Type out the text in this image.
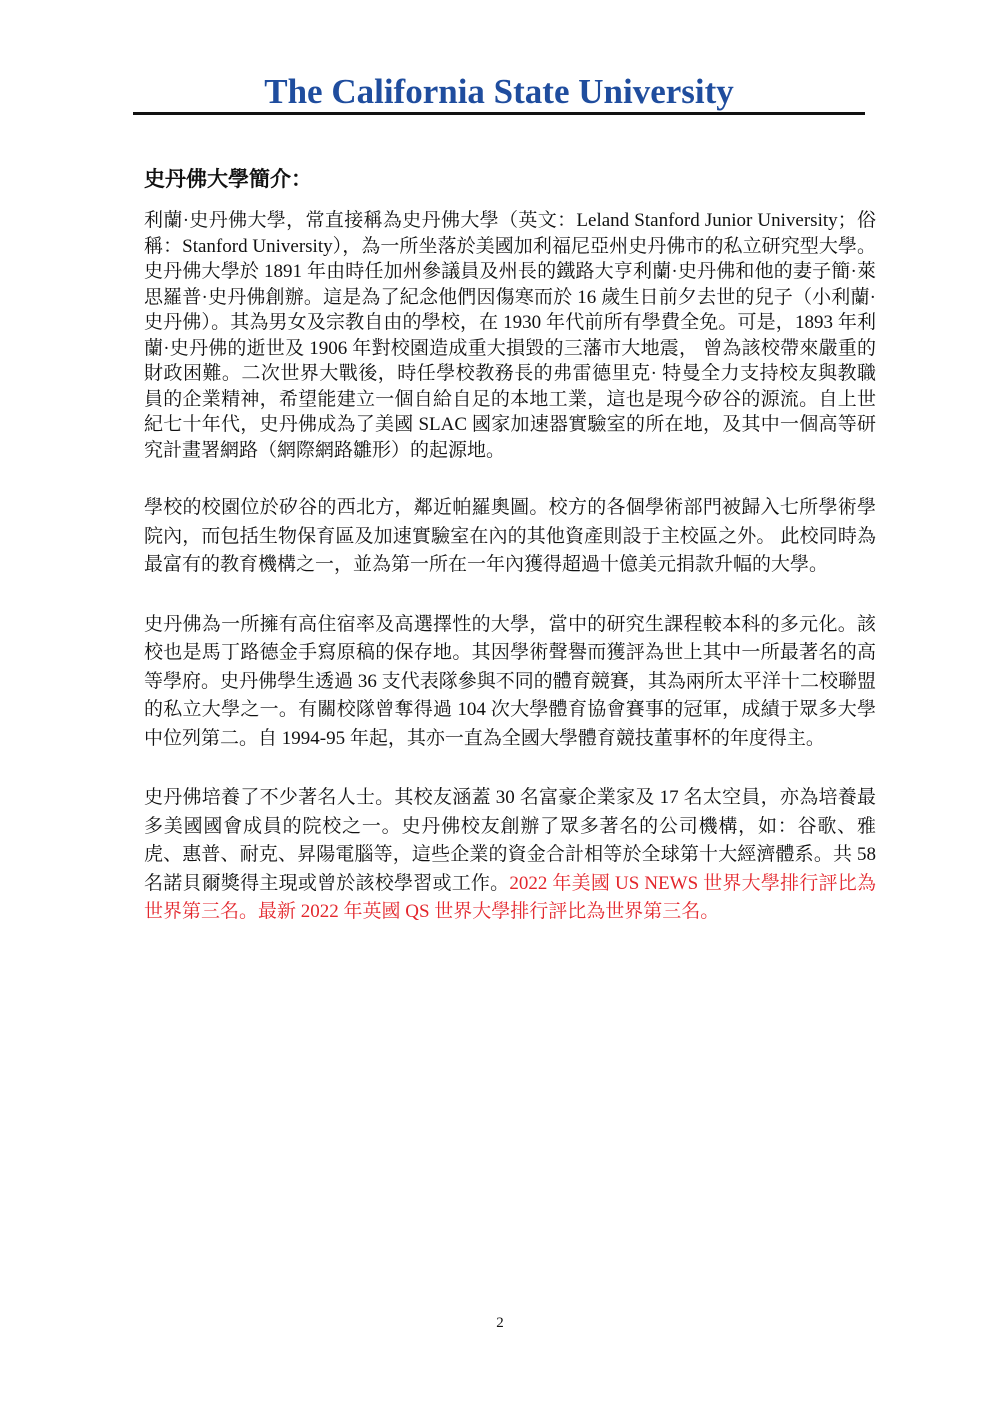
The California State University
史丹佛大學簡介：

利蘭·史丹佛大學，常直接稱為史丹佛大學（英文：Leland Stanford Junior University；俗稱：Stanford University），為一所坐落於美國加利福尼亞州史丹佛市的私立研究型大學。史丹佛大學於 1891 年由時任加州參議員及州長的鐵路大亨利蘭·史丹佛和他的妻子簡·萊思羅普·史丹佛創辦。這是為了紀念他們因傷寒而於 16 歲生日前夕去世的兒子（小利蘭·史丹佛）。其為男女及宗教自由的學校，在 1930 年代前所有學費全免。可是，1893 年利蘭·史丹佛的逝世及 1906 年對校園造成重大損毀的三藩市大地震， 曾為該校帶來嚴重的財政困難。二次世界大戰後，時任學校教務長的弗雷德里克· 特曼全力支持校友與教職員的企業精神，希望能建立一個自給自足的本地工業，這也是現今矽谷的源流。自上世紀七十年代，史丹佛成為了美國 SLAC 國家加速器實驗室的所在地，及其中一個高等研究計畫署網路（網際網路雛形）的起源地。

學校的校園位於矽谷的西北方，鄰近帕羅奧圖。校方的各個學術部門被歸入七所學術學院內，而包括生物保育區及加速實驗室在內的其他資產則設于主校區之外。 此校同時為最富有的教育機構之一，並為第一所在一年內獲得超過十億美元捐款升幅的大學。

史丹佛為一所擁有高住宿率及高選擇性的大學，當中的研究生課程較本科的多元化。該校也是馬丁路德金手寫原稿的保存地。其因學術聲譽而獲評為世上其中一所最著名的高等學府。史丹佛學生透過 36 支代表隊參與不同的體育競賽，其為兩所太平洋十二校聯盟的私立大學之一。有關校隊曾奪得過 104 次大學體育協會賽事的冠軍，成績于眾多大學中位列第二。自 1994-95 年起，其亦一直為全國大學體育競技董事杯的年度得主。

史丹佛培養了不少著名人士。其校友涵蓋 30 名富豪企業家及 17 名太空員，亦為培養最多美國國會成員的院校之一。史丹佛校友創辦了眾多著名的公司機構，如：谷歌、雅虎、惠普、耐克、昇陽電腦等，這些企業的資金合計相等於全球第十大經濟體系。共 58 名諾貝爾獎得主現或曾於該校學習或工作。2022 年美國 US NEWS 世界大學排行評比為世界第三名。最新 2022 年英國 QS 世界大學排行評比為世界第三名。

2
